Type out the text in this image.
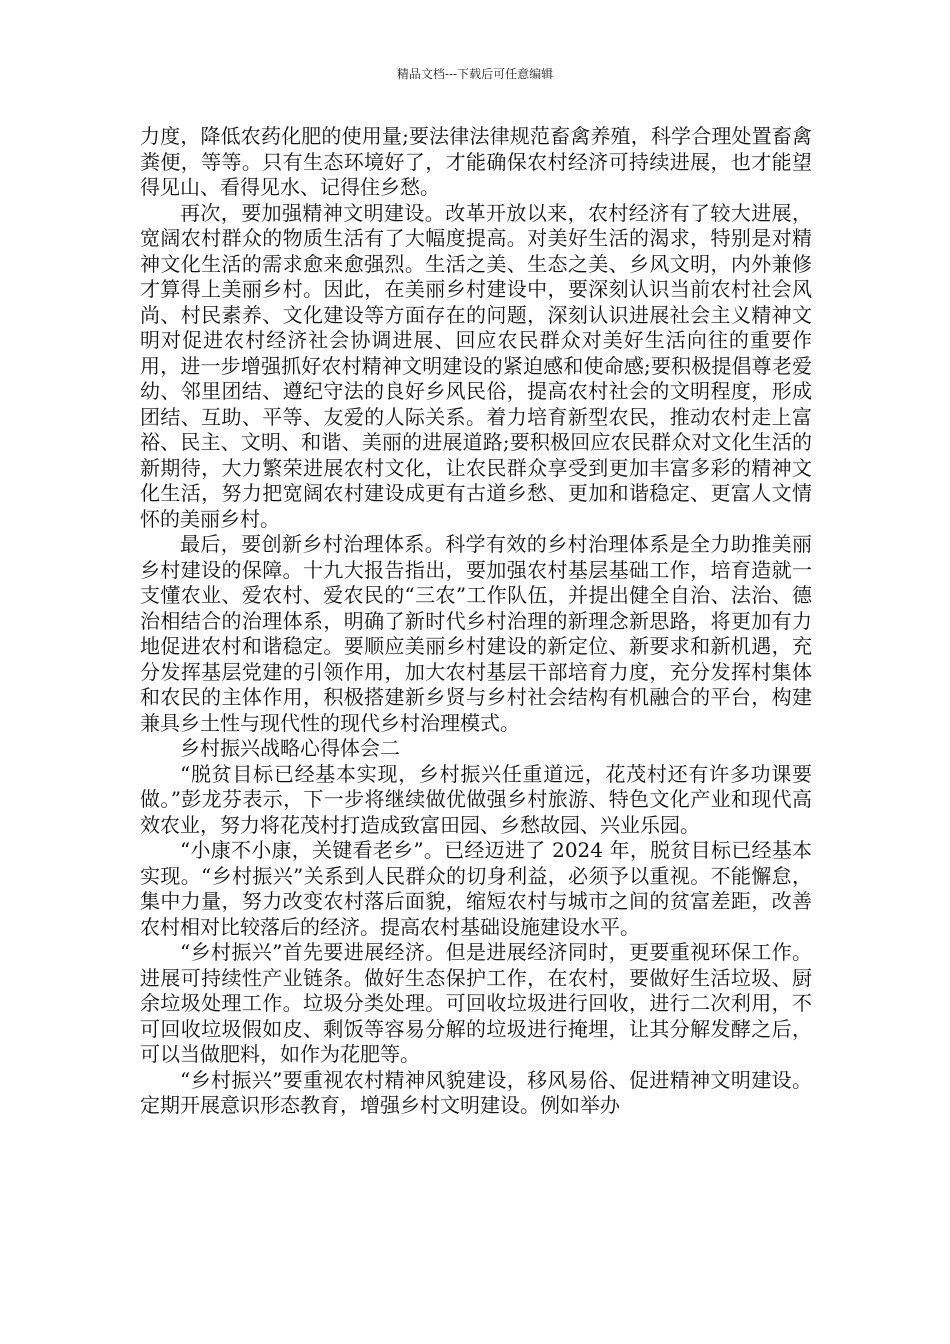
精品文档---下载后可任意编辑

力度，降低农药化肥的使用量;要法律法律规范畜禽养殖，科学合理处置畜禽粪便，等等。只有生态环境好了，才能确保农村经济可持续进展，也才能望得见山、看得见水、记得住乡愁。

再次，要加强精神文明建设。改革开放以来，农村经济有了较大进展，宽阔农村群众的物质生活有了大幅度提高。对美好生活的渴求，特别是对精神文化生活的需求愈来愈强烈。生活之美、生态之美、乡风文明，内外兼修才算得上美丽乡村。因此，在美丽乡村建设中，要深刻认识当前农村社会风尚、村民素养、文化建设等方面存在的问题，深刻认识进展社会主义精神文明对促进农村经济社会协调进展、回应农民群众对美好生活向往的重要作用，进一步增强抓好农村精神文明建设的紧迫感和使命感;要积极提倡尊老爱幼、邻里团结、遵纪守法的良好乡风民俗，提高农村社会的文明程度，形成团结、互助、平等、友爱的人际关系。着力培育新型农民，推动农村走上富裕、民主、文明、和谐、美丽的进展道路;要积极回应农民群众对文化生活的新期待，大力繁荣进展农村文化，让农民群众享受到更加丰富多彩的精神文化生活，努力把宽阔农村建设成更有古道乡愁、更加和谐稳定、更富人文情怀的美丽乡村。

最后，要创新乡村治理体系。科学有效的乡村治理体系是全力助推美丽乡村建设的保障。十九大报告指出，要加强农村基层基础工作，培育造就一支懂农业、爱农村、爱农民的“三农”工作队伍，并提出健全自治、法治、德治相结合的治理体系，明确了新时代乡村治理的新理念新思路，将更加有力地促进农村和谐稳定。要顺应美丽乡村建设的新定位、新要求和新机遇，充分发挥基层党建的引领作用，加大农村基层干部培育力度，充分发挥村集体和农民的主体作用，积极搭建新乡贤与乡村社会结构有机融合的平台，构建兼具乡土性与现代性的现代乡村治理模式。

乡村振兴战略心得体会二

“脱贫目标已经基本实现，乡村振兴任重道远，花茂村还有许多功课要做。”彭龙芬表示，下一步将继续做优做强乡村旅游、特色文化产业和现代高效农业，努力将花茂村打造成致富田园、乡愁故园、兴业乐园。

“小康不小康，关键看老乡”。已经迈进了 2024 年，脱贫目标已经基本实现。“乡村振兴”关系到人民群众的切身利益，必须予以重视。不能懈怠，集中力量，努力改变农村落后面貌，缩短农村与城市之间的贫富差距，改善农村相对比较落后的经济。提高农村基础设施建设水平。

“乡村振兴”首先要进展经济。但是进展经济同时，更要重视环保工作。进展可持续性产业链条。做好生态保护工作，在农村，要做好生活垃圾、厨余垃圾处理工作。垃圾分类处理。可回收垃圾进行回收，进行二次利用，不可回收垃圾假如皮、剩饭等容易分解的垃圾进行掩埋，让其分解发酵之后，可以当做肥料，如作为花肥等。

“乡村振兴”要重视农村精神风貌建设，移风易俗、促进精神文明建设。定期开展意识形态教育，增强乡村文明建设。例如举办
